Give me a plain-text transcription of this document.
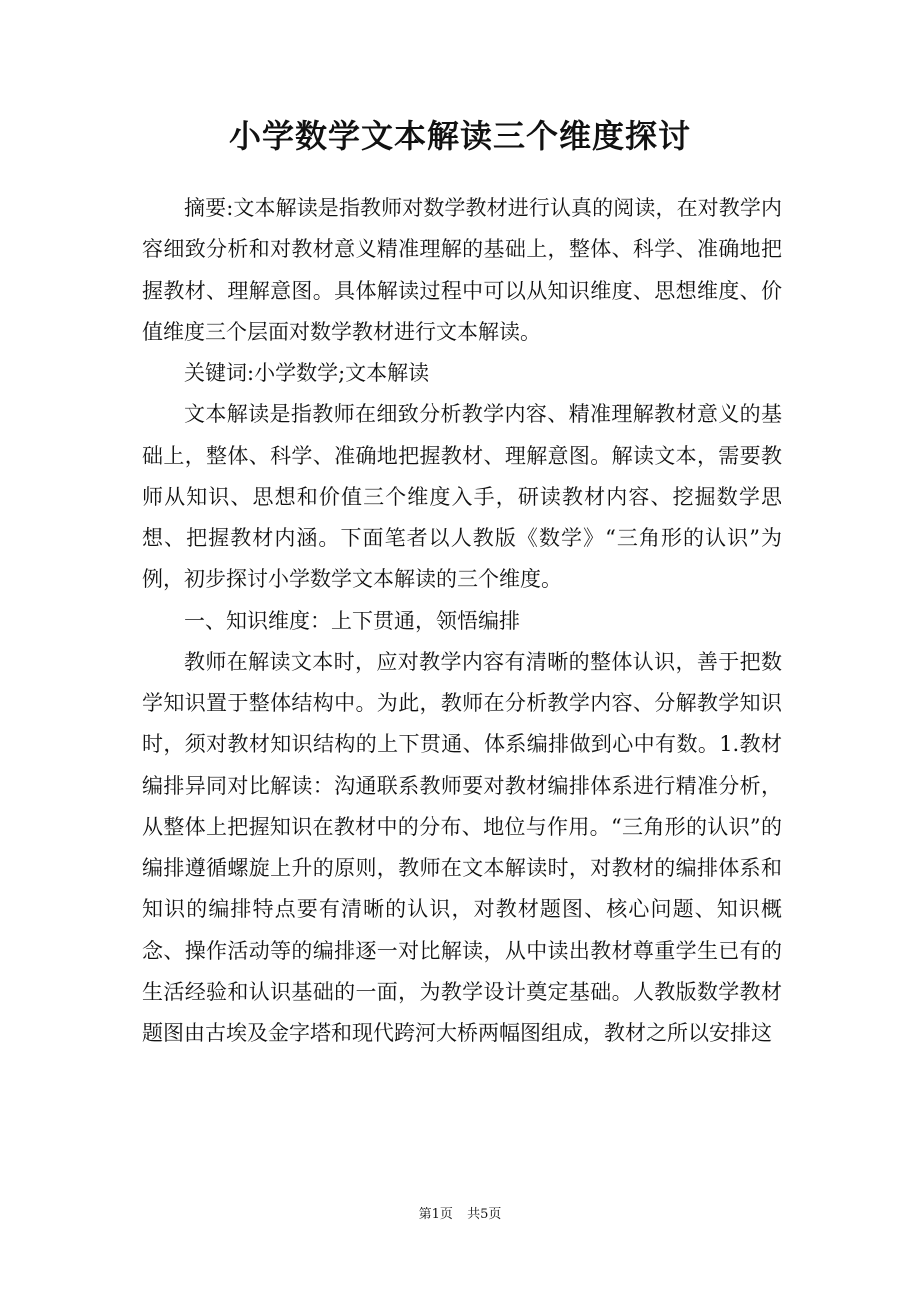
小学数学文本解读三个维度探讨

摘要:文本解读是指教师对数学教材进行认真的阅读，在对教学内容细致分析和对教材意义精准理解的基础上，整体、科学、准确地把握教材、理解意图。具体解读过程中可以从知识维度、思想维度、价值维度三个层面对数学教材进行文本解读。

关键词:小学数学;文本解读

文本解读是指教师在细致分析教学内容、精准理解教材意义的基础上，整体、科学、准确地把握教材、理解意图。解读文本，需要教师从知识、思想和价值三个维度入手，研读教材内容、挖掘数学思想、把握教材内涵。下面笔者以人教版《数学》“三角形的认识”为例，初步探讨小学数学文本解读的三个维度。

一、知识维度：上下贯通，领悟编排

教师在解读文本时，应对教学内容有清晰的整体认识，善于把数学知识置于整体结构中。为此，教师在分析教学内容、分解教学知识时，须对教材知识结构的上下贯通、体系编排做到心中有数。1.教材编排异同对比解读：沟通联系教师要对教材编排体系进行精准分析，从整体上把握知识在教材中的分布、地位与作用。“三角形的认识”的编排遵循螺旋上升的原则，教师在文本解读时，对教材的编排体系和知识的编排特点要有清晰的认识，对教材题图、核心问题、知识概念、操作活动等的编排逐一对比解读，从中读出教材尊重学生已有的生活经验和认识基础的一面，为教学设计奠定基础。人教版数学教材题图由古埃及金字塔和现代跨河大桥两幅图组成，教材之所以安排这

第1页 共5页
